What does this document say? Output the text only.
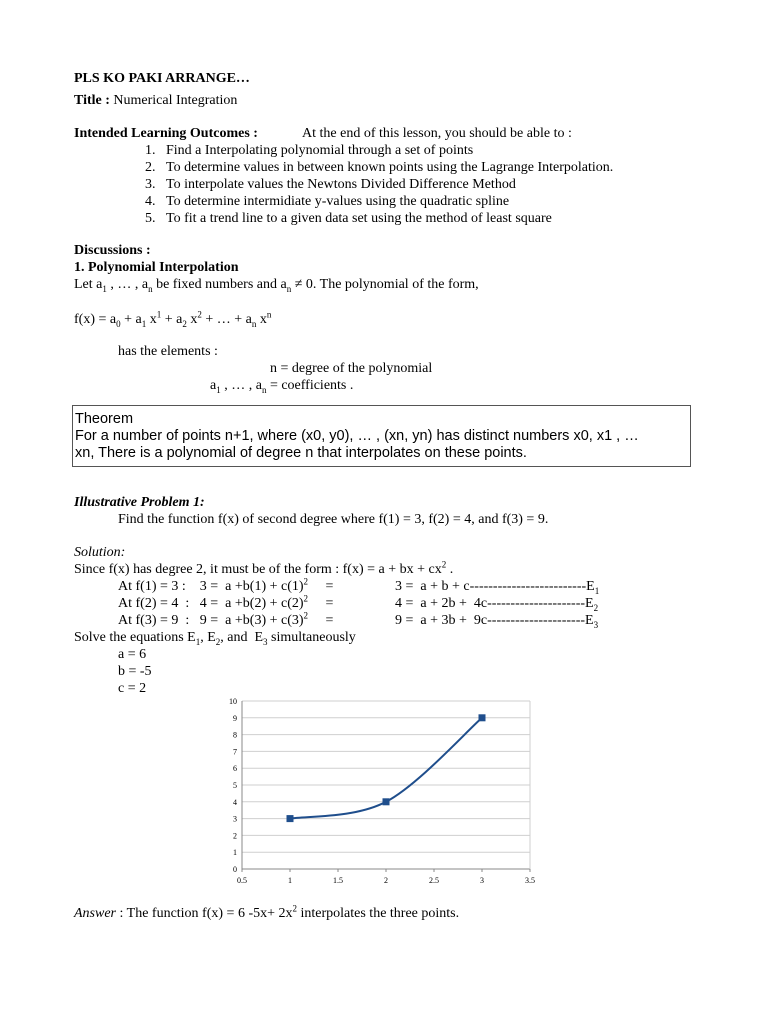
PLS KO PAKI ARRANGE…
Title : Numerical Integration
Intended Learning Outcomes :	At the end of this lesson, you should be able to :
1. Find a Interpolating polynomial through a set of points
2. To determine values in between known points using the Lagrange Interpolation.
3. To interpolate values the Newtons Divided Difference Method
4. To determine intermidiate y-values using the quadratic spline
5. To fit a trend line to a given data set using the method of least square
Discussions :
1. Polynomial Interpolation
Let $a_1$ , … , $a_n$ be fixed numbers and $a_n \ne 0$. The polynomial of the form,
$f(x) = a_0 + a_1$ $x^1 + a_2$ $x^2$ + … + $a_n$ $x^n$
has the elements :
n = degree of the polynomial
$a_1$ , … , $a_n$ = coefficients .
Theorem
For a number of points n+1, where (x0, y0), … , (xn, yn) has distinct numbers x0, x1 , …
xn, There is a polynomial of degree n that interpolates on these points.
Illustrative Problem 1:
Find the function f(x) of second degree where f(1) = 3, f(2) = 4, and f(3) = 9.
Solution:
Since f(x) has degree 2, it must be of the form : f(x) = a + bx + $cx^2$ .
At f(1) = 3 :    $3 = a +b(1) + c(1)^2$     =	$3 = a + b + c-------------------------E_1$
At f(2) = 4  :   $4 = a +b(2) + c(2)^2$     =	$4 = a + 2b + 4c---------------------E_2$
At f(3) = 9  :   $9 = a +b(3) + c(3)^2$     =	$9 = a + 3b + 9c---------------------E_3$
Solve the equations $E_1$, $E_2$, and  $E_3$ simultaneously
a = 6
b = -5
c = 2
0
1
2
3
4
5
6
7
8
9
10
0.5	1	1.5	2	2.5	3	3.5
Answer : The function f(x) = 6 $-5x+ 2x^2$ interpolates the three points.
